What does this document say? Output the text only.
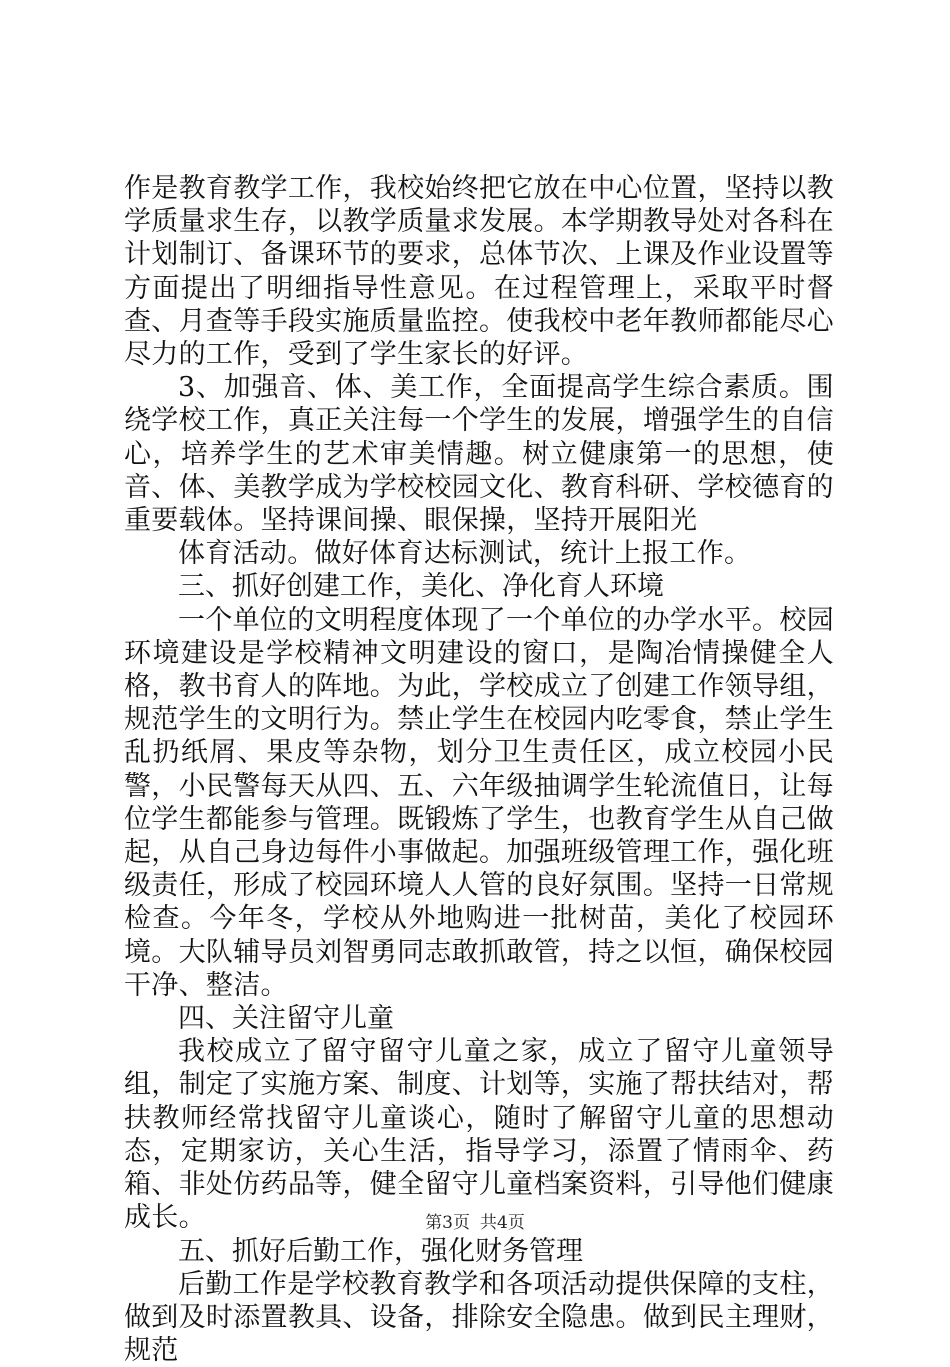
作是教育教学工作，我校始终把它放在中心位置，坚持以教学质量求生存，以教学质量求发展。本学期教导处对各科在计划制订、备课环节的要求，总体节次、上课及作业设置等方面提出了明细指导性意见。在过程管理上，采取平时督查、月查等手段实施质量监控。使我校中老年教师都能尽心尽力的工作，受到了学生家长的好评。

3、加强音、体、美工作，全面提高学生综合素质。围绕学校工作，真正关注每一个学生的发展，增强学生的自信心，培养学生的艺术审美情趣。树立健康第一的思想，使音、体、美教学成为学校校园文化、教育科研、学校德育的重要载体。坚持课间操、眼保操，坚持开展阳光

体育活动。做好体育达标测试，统计上报工作。

三、抓好创建工作，美化、净化育人环境

一个单位的文明程度体现了一个单位的办学水平。校园环境建设是学校精神文明建设的窗口，是陶冶情操健全人格，教书育人的阵地。为此，学校成立了创建工作领导组，规范学生的文明行为。禁止学生在校园内吃零食，禁止学生乱扔纸屑、果皮等杂物，划分卫生责任区，成立校园小民警，小民警每天从四、五、六年级抽调学生轮流值日，让每位学生都能参与管理。既锻炼了学生，也教育学生从自己做起，从自己身边每件小事做起。加强班级管理工作，强化班级责任，形成了校园环境人人管的良好氛围。坚持一日常规检查。今年冬，学校从外地购进一批树苗，美化了校园环境。大队辅导员刘智勇同志敢抓敢管，持之以恒，确保校园干净、整洁。

四、关注留守儿童

我校成立了留守留守儿童之家，成立了留守儿童领导组，制定了实施方案、制度、计划等，实施了帮扶结对，帮扶教师经常找留守儿童谈心，随时了解留守儿童的思想动态，定期家访，关心生活，指导学习，添置了情雨伞、药箱、非处仿药品等，健全留守儿童档案资料，引导他们健康成长。

五、抓好后勤工作，强化财务管理

后勤工作是学校教育教学和各项活动提供保障的支柱，做到及时添置教具、设备，排除安全隐患。做到民主理财，规范

第3页 共4页
